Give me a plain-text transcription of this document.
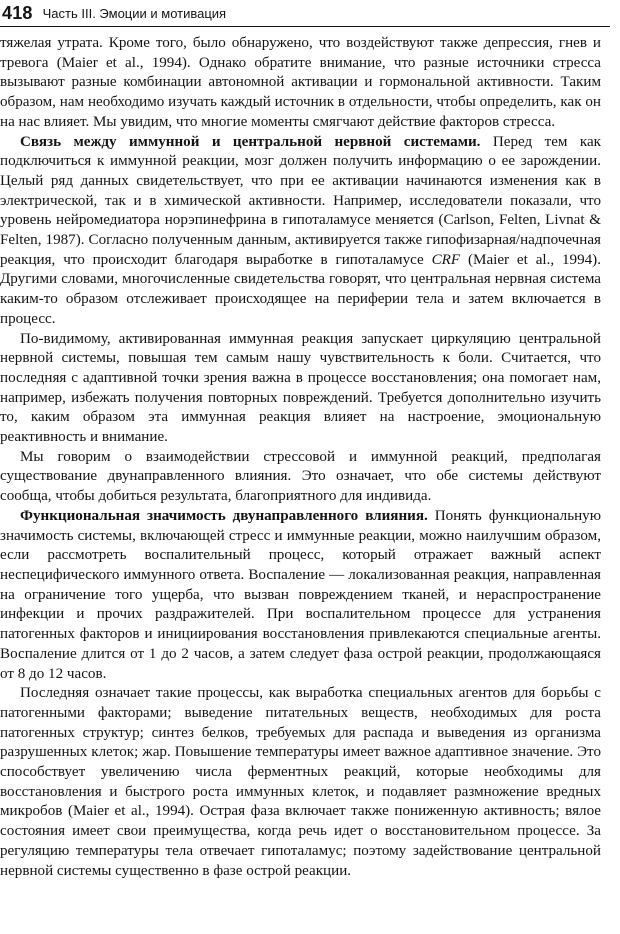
418 Часть III. Эмоции и мотивация

тяжелая утрата. Кроме того, было обнаружено, что воздействуют также депрессия, гнев и тревога (Maier et al., 1994). Однако обратите внимание, что разные источники стресса вызывают разные комбинации автономной активации и гормональной активности. Таким образом, нам необходимо изучать каждый источник в отдельности, чтобы определить, как он на нас влияет. Мы увидим, что многие моменты смягчают действие факторов стресса.

Связь между иммунной и центральной нервной системами. Перед тем как подключиться к иммунной реакции, мозг должен получить информацию о ее зарождении. Целый ряд данных свидетельствует, что при ее активации начинаются изменения как в электрической, так и в химической активности. Например, исследователи показали, что уровень нейромедиатора норэпинефрина в гипоталамусе меняется (Carlson, Felten, Livnat & Felten, 1987). Согласно полученным данным, активируется также гипофизарная/надпочечная реакция, что происходит благодаря выработке в гипоталамусе CRF (Maier et al., 1994). Другими словами, многочисленные свидетельства говорят, что центральная нервная система каким-то образом отслеживает происходящее на периферии тела и затем включается в процесс.

По-видимому, активированная иммунная реакция запускает циркуляцию центральной нервной системы, повышая тем самым нашу чувствительность к боли. Считается, что последняя с адаптивной точки зрения важна в процессе восстановления; она помогает нам, например, избежать получения повторных повреждений. Требуется дополнительно изучить то, каким образом эта иммунная реакция влияет на настроение, эмоциональную реактивность и внимание.

Мы говорим о взаимодействии стрессовой и иммунной реакций, предполагая существование двунаправленного влияния. Это означает, что обе системы действуют сообща, чтобы добиться результата, благоприятного для индивида.

Функциональная значимость двунаправленного влияния. Понять функциональную значимость системы, включающей стресс и иммунные реакции, можно наилучшим образом, если рассмотреть воспалительный процесс, который отражает важный аспект неспецифического иммунного ответа. Воспаление — локализованная реакция, направленная на ограничение того ущерба, что вызван повреждением тканей, и нераспространение инфекции и прочих раздражителей. При воспалительном процессе для устранения патогенных факторов и инициирования восстановления привлекаются специальные агенты. Воспаление длится от 1 до 2 часов, а затем следует фаза острой реакции, продолжающаяся от 8 до 12 часов.

Последняя означает такие процессы, как выработка специальных агентов для борьбы с патогенными факторами; выведение питательных веществ, необходимых для роста патогенных структур; синтез белков, требуемых для распада и выведения из организма разрушенных клеток; жар. Повышение температуры имеет важное адаптивное значение. Это способствует увеличению числа ферментных реакций, которые необходимы для восстановления и быстрого роста иммунных клеток, и подавляет размножение вредных микробов (Maier et al., 1994). Острая фаза включает также пониженную активность; вялое состояния имеет свои преимущества, когда речь идет о восстановительном процессе. За регуляцию температуры тела отвечает гипоталамус; поэтому задействование центральной нервной системы существенно в фазе острой реакции.
